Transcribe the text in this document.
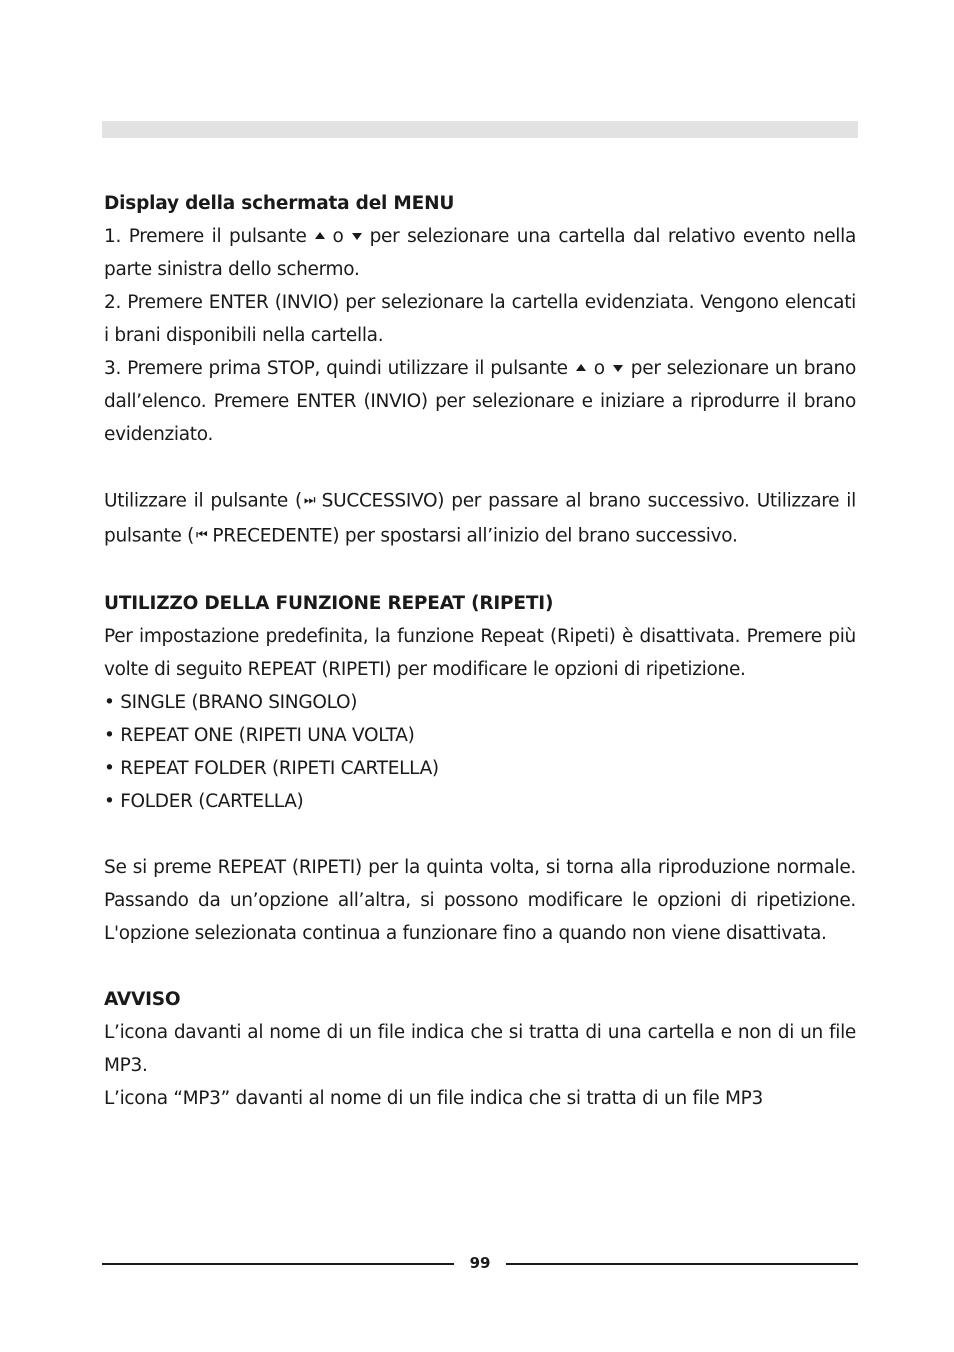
Display della schermata del MENU

1. Premere il pulsante o per selezionare una cartella dal relativo evento nella parte sinistra dello schermo.

2. Premere ENTER (INVIO) per selezionare la cartella evidenziata. Vengono elencati i brani disponibili nella cartella.

3. Premere prima STOP, quindi utilizzare il pulsante o per selezionare un brano dall’elenco. Premere ENTER (INVIO) per selezionare e iniziare a riprodurre il brano evidenziato.

Utilizzare il pulsante ( ⏭ SUCCESSIVO) per passare al brano successivo. Utilizzare il pulsante ( ⏮ PRECEDENTE) per spostarsi all’inizio del brano successivo.

UTILIZZO DELLA FUNZIONE REPEAT (RIPETI)

Per impostazione predefinita, la funzione Repeat (Ripeti) è disattivata. Premere più volte di seguito REPEAT (RIPETI) per modificare le opzioni di ripetizione.

• SINGLE (BRANO SINGOLO)

• REPEAT ONE (RIPETI UNA VOLTA)

• REPEAT FOLDER (RIPETI CARTELLA)

• FOLDER (CARTELLA)

Se si preme REPEAT (RIPETI) per la quinta volta, si torna alla riproduzione normale. Passando da un’opzione all’altra, si possono modificare le opzioni di ripetizione. L'opzione selezionata continua a funzionare fino a quando non viene disattivata.

AVVISO

L’icona davanti al nome di un file indica che si tratta di una cartella e non di un file MP3.

L’icona “MP3” davanti al nome di un file indica che si tratta di un file MP3

99
